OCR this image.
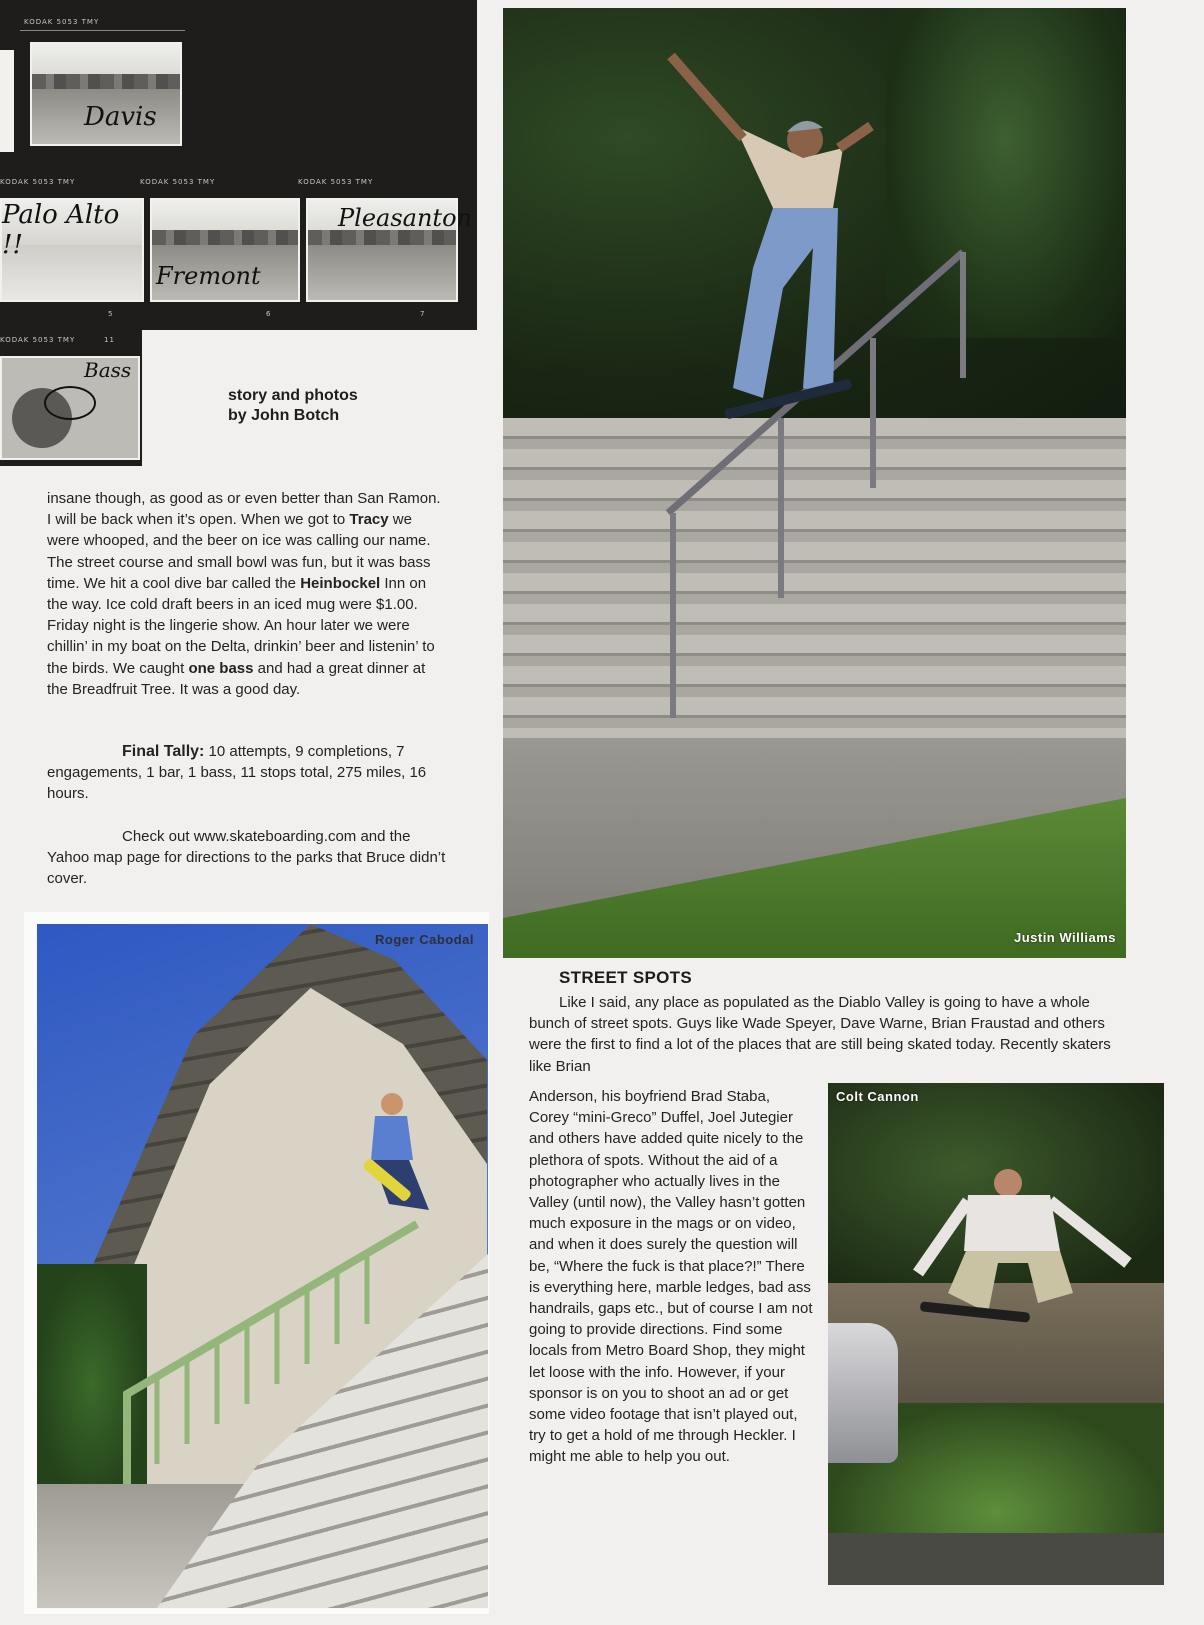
KODAK 5053 TMY
Davis
KODAK 5053 TMY	KODAK 5053 TMY	KODAK 5053 TMY
Palo Alto !!
Fremont
Pleasanton
5	6	7
KODAK 5053 TMY	11
Bass
story and photos
by John Botch
insane though, as good as or even better than San Ramon. I will be back when it’s open. When we got to Tracy we were whooped, and the beer on ice was calling our name. The street course and small bowl was fun, but it was bass time. We hit a cool dive bar called the Heinbockel Inn on the way. Ice cold draft beers in an iced mug were $1.00. Friday night is the lingerie show. An hour later we were chillin’ in my boat on the Delta, drinkin’ beer and listenin’ to the birds. We caught one bass and had a great dinner at the Breadfruit Tree. It was a good day.
Final Tally: 10 attempts, 9 completions, 7 engagements, 1 bar, 1 bass, 11 stops total, 275 miles, 16 hours.
Check out www.skateboarding.com and the Yahoo map page for directions to the parks that Bruce didn’t cover.
Justin Williams
Roger Cabodal
STREET SPOTS
Like I said, any place as populated as the Diablo Valley is going to have a whole bunch of street spots. Guys like Wade Speyer, Dave Warne, Brian Fraustad and others were the first to find a lot of the places that are still being skated today. Recently skaters like Brian
Anderson, his boyfriend Brad Staba, Corey “mini-Greco” Duffel, Joel Jutegier and others have added quite nicely to the plethora of spots. Without the aid of a photographer who actually lives in the Valley (until now), the Valley hasn’t gotten much exposure in the mags or on video, and when it does surely the question will be, “Where the fuck is that place?!” There is everything here, marble ledges, bad ass handrails, gaps etc., but of course I am not going to provide directions. Find some locals from Metro Board Shop, they might let loose with the info. However, if your sponsor is on you to shoot an ad or get some video footage that isn’t played out, try to get a hold of me through Heckler. I might me able to help you out.
Colt Cannon
